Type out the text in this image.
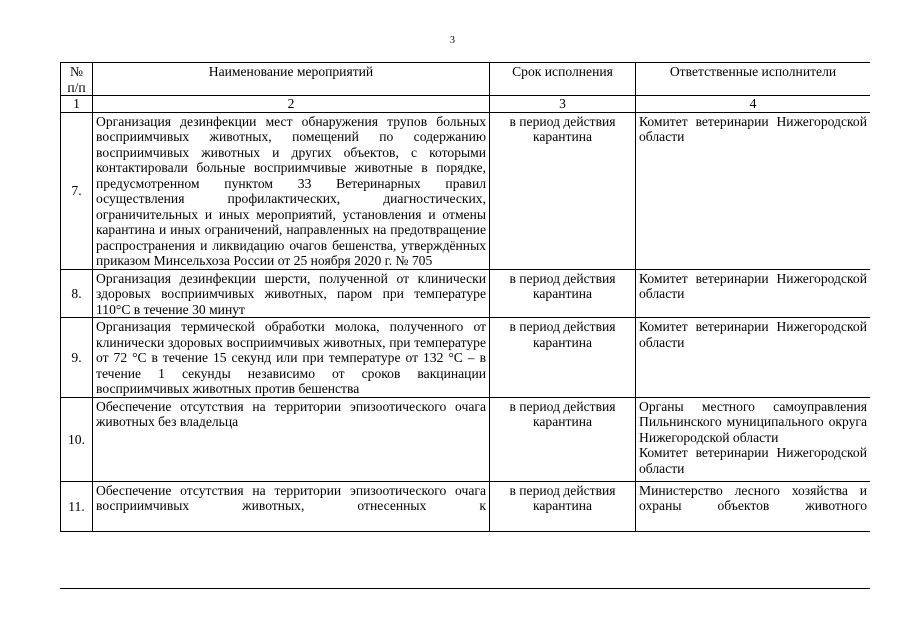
3
№ п/п	Наименование мероприятий	Срок исполнения	Ответственные исполнители
1	2	3	4
7.	Организация дезинфекции мест обнаружения трупов больных восприимчивых животных, помещений по содержанию восприимчивых животных и других объектов, с которыми контактировали больные восприимчивые животные в порядке, предусмотренном пунктом 33 Ветеринарных правил осуществления профилактических, диагностических, ограничительных и иных мероприятий, установления и отмены карантина и иных ограничений, направленных на предотвращение распространения и ликвидацию очагов бешенства, утверждённых приказом Минсельхоза России от 25 ноября 2020 г. № 705	в период действия карантина	Комитет ветеринарии Нижегородской области

8.	Организация дезинфекции шерсти, полученной от клинически здоровых восприимчивых животных, паром при температуре 110°С в течение 30 минут	в период действия карантина	Комитет ветеринарии Нижегородской области

9.	Организация термической обработки молока, полученного от клинически здоровых восприимчивых животных, при температуре от 72 °С в течение 15 секунд или при температуре от 132 °С – в течение 1 секунды независимо от сроков вакцинации восприимчивых животных против бешенства	в период действия карантина	Комитет ветеринарии Нижегородской области

10.	Обеспечение отсутствия на территории эпизоотического очага животных без владельца	в период действия карантина	Органы местного самоуправления Пильнинского муниципального округа Нижегородской области
Комитет ветеринарии Нижегородской области

11.	Обеспечение отсутствия на территории эпизоотического очага восприимчивых животных, отнесенных к	в период действия карантина	Министерство лесного хозяйства и охраны объектов животного
